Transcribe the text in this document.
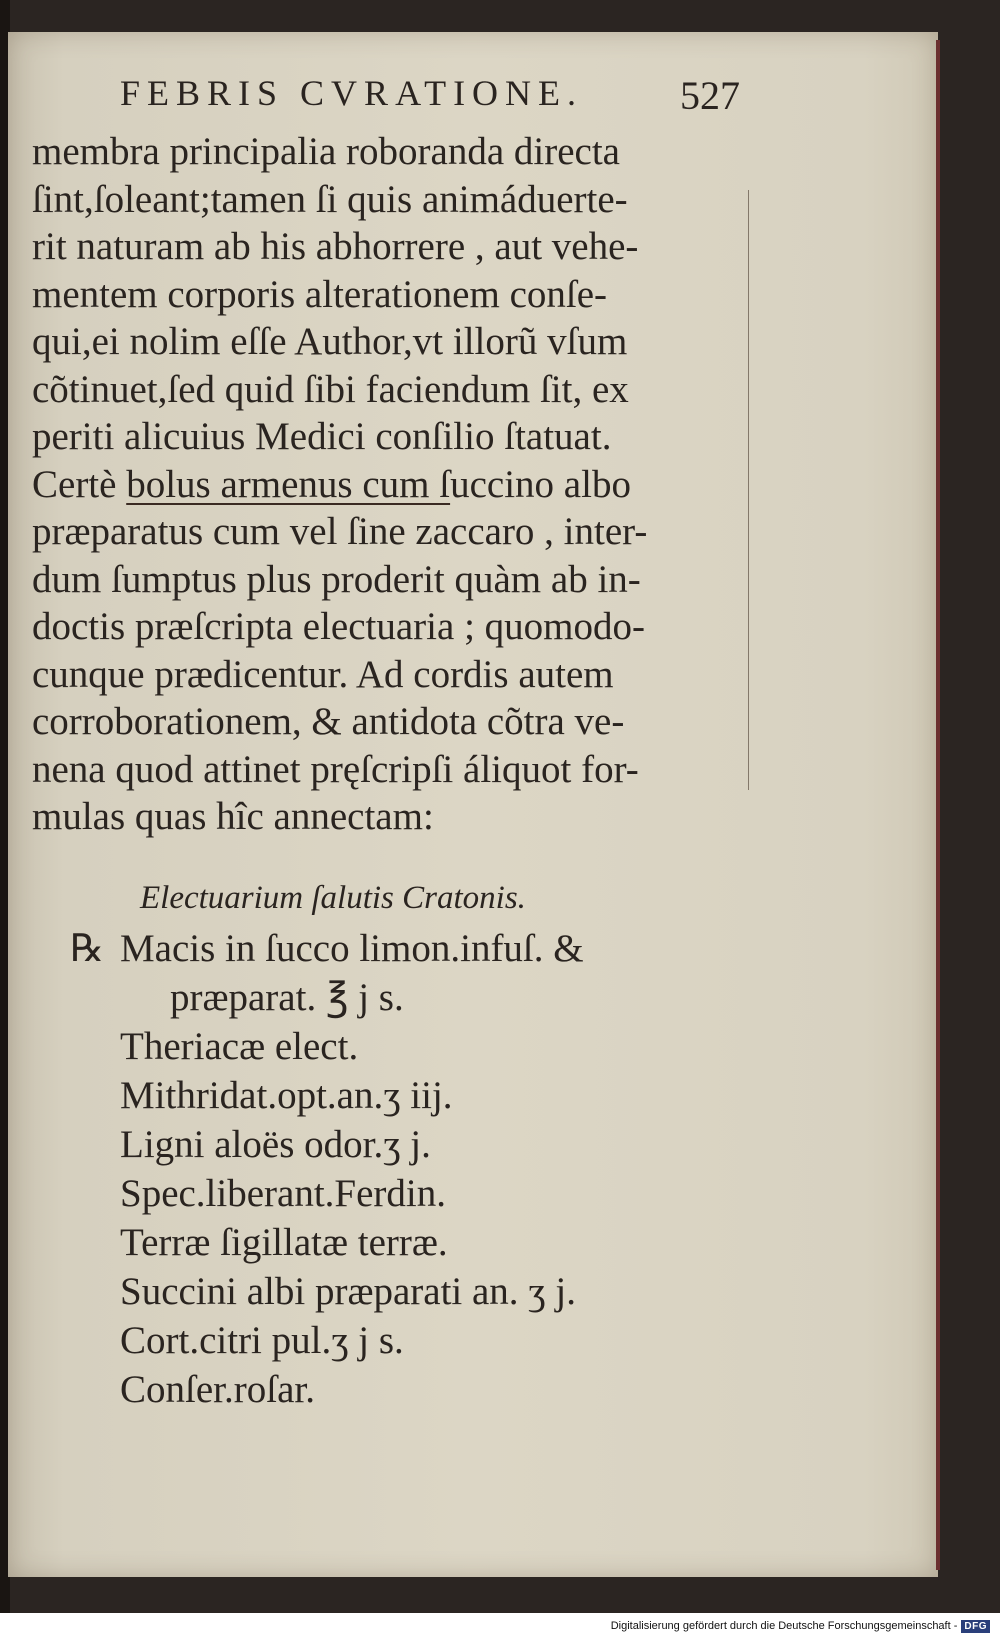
FEBRIS CVRATIONE. 527
membra principalia roboranda directa
ſint,ſoleant;tamen ſi quis animáduerte-
rit naturam ab his abhorrere , aut vehe-
mentem corporis alterationem conſe-
qui,ei nolim eſſe Author,vt illorũ vſum
cõtinuet,ſed quid ſibi faciendum ſit, ex
periti alicuius Medici conſilio ſtatuat.
Certè bolus armenus cum ſuccino albo
præparatus cum vel ſine zaccaro , inter-
dum ſumptus plus proderit quàm ab in-
doctis præſcripta electuaria ; quomodo-
cunque prædicentur. Ad cordis autem
corroborationem, & antidota cõtra ve-
nena quod attinet pręſcripſi áliquot for-
mulas quas hîc annectam:
Electuarium ſalutis Cratonis.
℞ Macis in ſucco limon.infuſ. &
præparat. ℥ j s.
Theriacæ elect.
Mithridat.opt.an.ʒ iij.
Ligni aloës odor.ʒ j.
Spec.liberant.Ferdin.
Terræ ſigillatæ terræ.
Succini albi præparati an. ʒ j.
Cort.citri pul.ʒ j s.
Conſer.roſar.
Digitalisierung gefördert durch die Deutsche Forschungsgemeinschaft - DFG
